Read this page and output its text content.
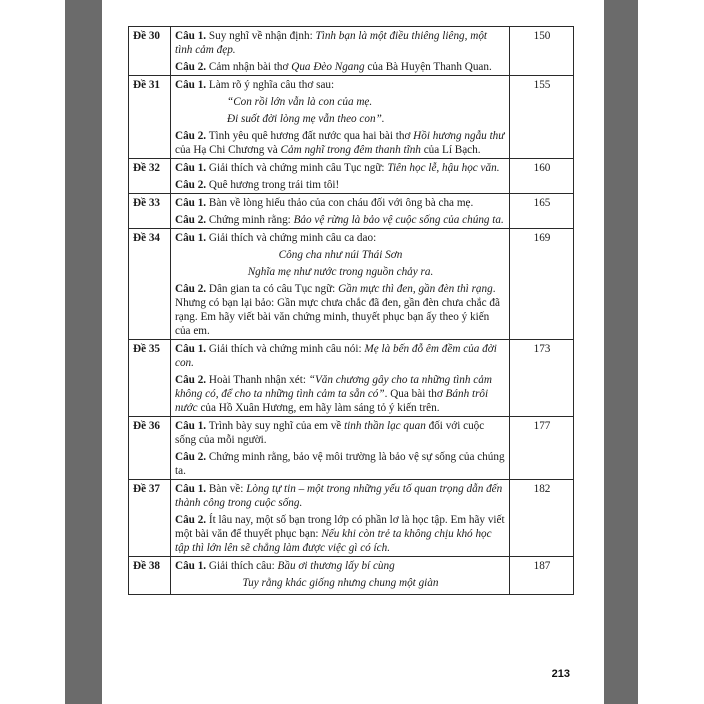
Đề 30	Câu 1. Suy nghĩ về nhận định: Tình bạn là một điều thiêng liêng, một tình cảm đẹp.

Câu 2. Cảm nhận bài thơ Qua Đèo Ngang của Bà Huyện Thanh Quan.	150
Đề 31	Câu 1. Làm rõ ý nghĩa câu thơ sau:

“Con rồi lớn vẫn là con của mẹ.

Đi suốt đời lòng mẹ vẫn theo con”.

Câu 2. Tình yêu quê hương đất nước qua hai bài thơ Hồi hương ngẫu thư của Hạ Chi Chương và Cảm nghĩ trong đêm thanh tĩnh của Lí Bạch.	155
Đề 32	Câu 1. Giải thích và chứng minh câu Tục ngữ: Tiên học lễ, hậu học văn.

Câu 2. Quê hương trong trái tim tôi!	160
Đề 33	Câu 1. Bàn về lòng hiếu thảo của con cháu đối với ông bà cha mẹ.

Câu 2. Chứng minh rằng: Bảo vệ rừng là bảo vệ cuộc sống của chúng ta.	165
Đề 34	Câu 1. Giải thích và chứng minh câu ca dao:

Công cha như núi Thái Sơn

Nghĩa mẹ như nước trong nguồn chảy ra.

Câu 2. Dân gian ta có câu Tục ngữ: Gần mực thì đen, gần đèn thì rạng. Nhưng có bạn lại bảo: Gần mực chưa chắc đã đen, gần đèn chưa chắc đã rạng. Em hãy viết bài văn chứng minh, thuyết phục bạn ấy theo ý kiến của em.	169
Đề 35	Câu 1. Giải thích và chứng minh câu nói: Mẹ là bến đỗ êm đềm của đời con.

Câu 2. Hoài Thanh nhận xét: “Văn chương gây cho ta những tình cảm không có, để cho ta những tình cảm ta sẵn có”. Qua bài thơ Bánh trôi nước của Hồ Xuân Hương, em hãy làm sáng tỏ ý kiến trên.	173
Đề 36	Câu 1. Trình bày suy nghĩ của em về tinh thần lạc quan đối với cuộc sống của mỗi người.

Câu 2. Chứng minh rằng, bảo vệ môi trường là bảo vệ sự sống của chúng ta.	177
Đề 37	Câu 1. Bàn về: Lòng tự tin – một trong những yếu tố quan trọng dẫn đến thành công trong cuộc sống.

Câu 2. Ít lâu nay, một số bạn trong lớp có phần lơ là học tập. Em hãy viết một bài văn để thuyết phục bạn: Nếu khi còn trẻ ta không chịu khó học tập thì lớn lên sẽ chẳng làm được việc gì có ích.	182
Đề 38	Câu 1. Giải thích câu: Bầu ơi thương lấy bí cùng

Tuy rằng khác giống nhưng chung một giàn	187
213
